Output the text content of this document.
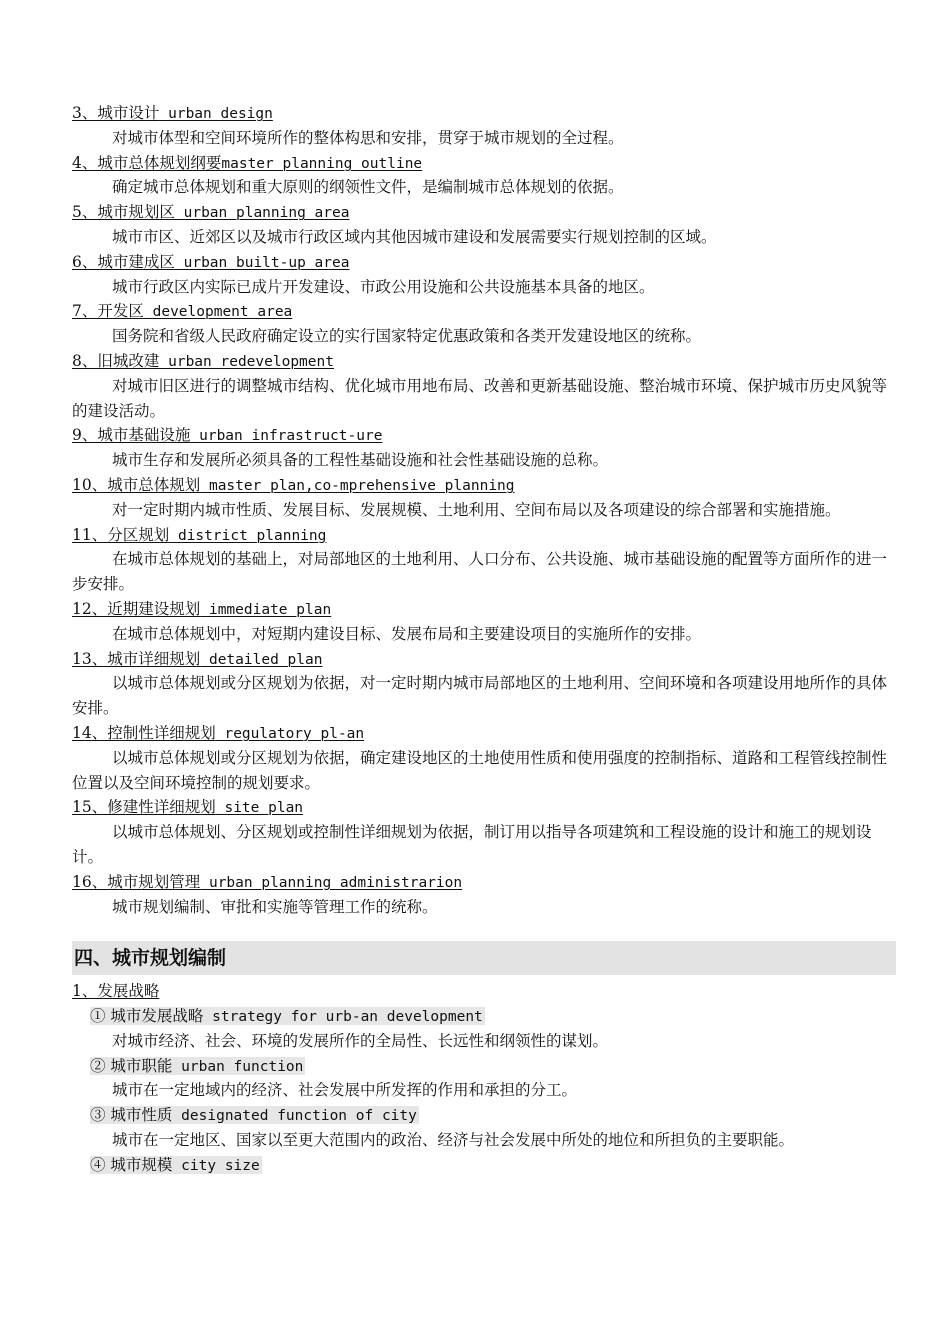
3、城市设计 urban design

对城市体型和空间环境所作的整体构思和安排，贯穿于城市规划的全过程。

4、城市总体规划纲要master planning outline

确定城市总体规划和重大原则的纲领性文件，是编制城市总体规划的依据。

5、城市规划区 urban planning area

城市市区、近郊区以及城市行政区域内其他因城市建设和发展需要实行规划控制的区域。

6、城市建成区 urban built-up area

城市行政区内实际已成片开发建设、市政公用设施和公共设施基本具备的地区。

7、开发区 development area

国务院和省级人民政府确定设立的实行国家特定优惠政策和各类开发建设地区的统称。

8、旧城改建 urban redevelopment

对城市旧区进行的调整城市结构、优化城市用地布局、改善和更新基础设施、整治城市环境、保护城市历史风貌等的建设活动。

9、城市基础设施 urban infrastruct-ure

城市生存和发展所必须具备的工程性基础设施和社会性基础设施的总称。

10、城市总体规划 master plan,co-mprehensive planning

对一定时期内城市性质、发展目标、发展规模、土地利用、空间布局以及各项建设的综合部署和实施措施。

11、分区规划 district planning

在城市总体规划的基础上，对局部地区的土地利用、人口分布、公共设施、城市基础设施的配置等方面所作的进一步安排。

12、近期建设规划 immediate plan

在城市总体规划中，对短期内建设目标、发展布局和主要建设项目的实施所作的安排。

13、城市详细规划 detailed plan

以城市总体规划或分区规划为依据，对一定时期内城市局部地区的土地利用、空间环境和各项建设用地所作的具体安排。

14、控制性详细规划 regulatory pl-an

以城市总体规划或分区规划为依据，确定建设地区的土地使用性质和使用强度的控制指标、道路和工程管线控制性位置以及空间环境控制的规划要求。

15、修建性详细规划 site plan

以城市总体规划、分区规划或控制性详细规划为依据，制订用以指导各项建筑和工程设施的设计和施工的规划设计。

16、城市规划管理 urban planning administrarion

城市规划编制、审批和实施等管理工作的统称。

四、城市规划编制
1、发展战略
① 城市发展战略 strategy for urb-an development

对城市经济、社会、环境的发展所作的全局性、长远性和纲领性的谋划。

② 城市职能 urban function

城市在一定地域内的经济、社会发展中所发挥的作用和承担的分工。

③ 城市性质 designated function of city

城市在一定地区、国家以至更大范围内的政治、经济与社会发展中所处的地位和所担负的主要职能。

④ 城市规模 city size
